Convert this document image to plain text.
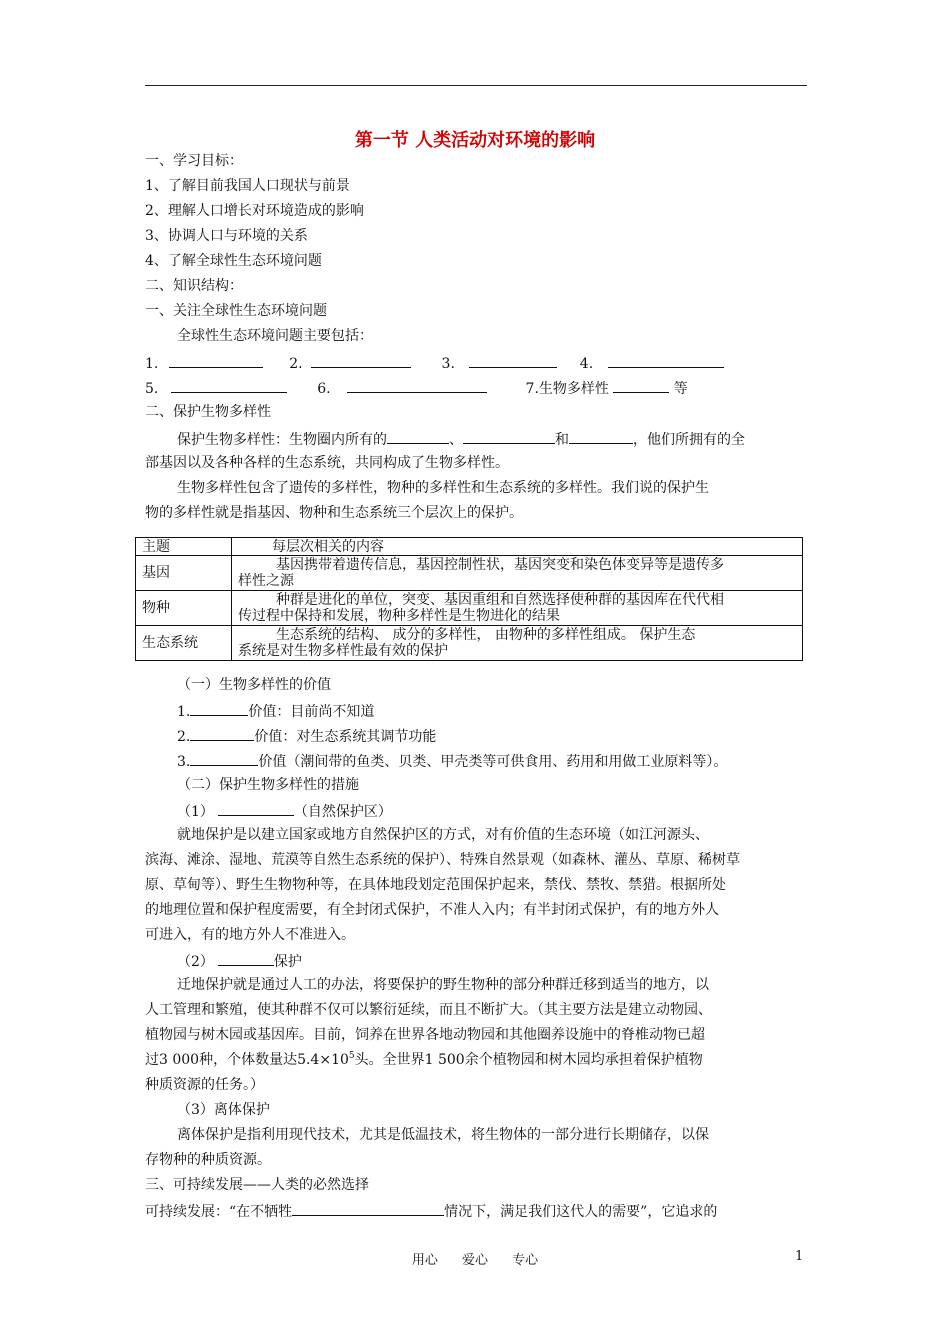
第一节 人类活动对环境的影响
一、学习目标：
1、了解目前我国人口现状与前景
2、理解人口增长对环境造成的影响
3、协调人口与环境的关系
4、了解全球性生态环境问题
二、知识结构：
一、关注全球性生态环境问题
全球性生态环境问题主要包括：
1.	2.	3.	4.
5.	6.	7.生物多样性	等
二、保护生物多样性
保护生物多样性：生物圈内所有的	、	和	，他们所拥有的全
部基因以及各种各样的生态系统，共同构成了生物多样性。
生物多样性包含了遗传的多样性，物种的多样性和生态系统的多样性。我们说的保护生
物的多样性就是指基因、物种和生态系统三个层次上的保护。
主题	每层次相关的内容
基因	基因携带着遗传信息，基因控制性状，基因突变和染色体变异等是遗传多
样性之源

物种	种群是进化的单位，突变、基因重组和自然选择使种群的基因库在代代相
传过程中保持和发展，物种多样性是生物进化的结果

生态系统	生态系统的结构、 成分的多样性， 由物种的多样性组成。 保护生态
系统是对生物多样性最有效的保护
（一）生物多样性的价值
1.	价值：目前尚不知道
2.	价值：对生态系统其调节功能
3.	价值（潮间带的鱼类、贝类、甲壳类等可供食用、药用和用做工业原料等）。
（二）保护生物多样性的措施
（1）	（自然保护区）
就地保护是以建立国家或地方自然保护区的方式，对有价值的生态环境（如江河源头、
滨海、滩涂、湿地、荒漠等自然生态系统的保护）、特殊自然景观（如森林、灌丛、草原、稀树草
原、草甸等）、野生生物物种等，在具体地段划定范围保护起来，禁伐、禁牧、禁猎。根据所处
的地理位置和保护程度需要，有全封闭式保护，不准人入内；有半封闭式保护，有的地方外人
可进入，有的地方外人不准进入。
（2）	保护
迁地保护就是通过人工的办法，将要保护的野生物种的部分种群迁移到适当的地方，以
人工管理和繁殖，使其种群不仅可以繁衍延续，而且不断扩大。（其主要方法是建立动物园、
植物园与树木园或基因库。目前，饲养在世界各地动物园和其他圈养设施中的脊椎动物已超
过3 000种，个体数量达$5.4\times 10^5$头。全世界1 500余个植物园和树木园均承担着保护植物
种质资源的任务。）
（3）离体保护
离体保护是指利用现代技术，尤其是低温技术，将生物体的一部分进行长期储存，以保
存物种的种质资源。
三、可持续发展——人类的必然选择
可持续发展：“在不牺牲	情况下，满足我们这代人的需要”，它追求的
用心 爱心 专心	1
